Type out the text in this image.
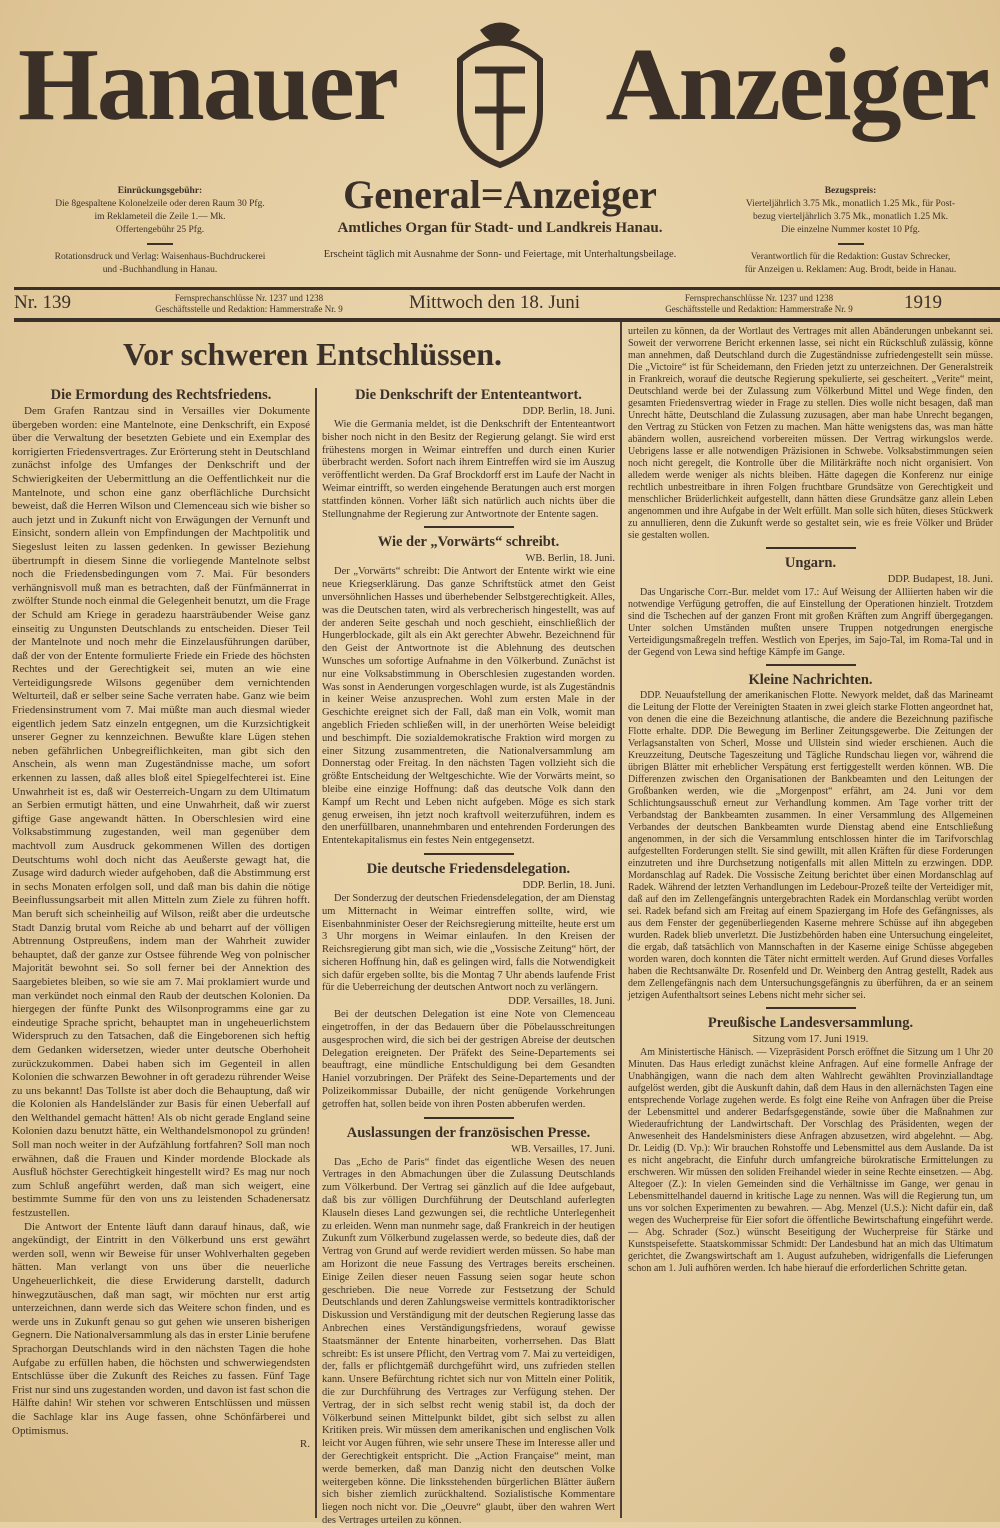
Hanauer Anzeiger
Einrückungsgebühr:
Die 8gespaltene Kolonelzeile oder deren Raum 30 Pfg.
im Reklameteil die Zeile 1.— Mk.
Offertengebühr 25 Pfg.
Rotationsdruck und Verlag: Waisenhaus-Buchdruckerei
und -Buchhandlung in Hanau.
General=Anzeiger
Amtliches Organ für Stadt- und Landkreis Hanau.
Erscheint täglich mit Ausnahme der Sonn- und Feiertage, mit Unterhaltungsbeilage.
Bezugspreis:
Vierteljährlich 3.75 Mk., monatlich 1.25 Mk., für Post-
bezug vierteljährlich 3.75 Mk., monatlich 1.25 Mk.
Die einzelne Nummer kostet 10 Pfg.
Verantwortlich für die Redaktion: Gustav Schrecker,
für Anzeigen u. Reklamen: Aug. Brodt, beide in Hanau.
Nr. 139	Fernsprechanschlüsse Nr. 1237 und 1238
Geschäftsstelle und Redaktion: Hammerstraße Nr. 9	Mittwoch den 18. Juni	Fernsprechanschlüsse Nr. 1237 und 1238
Geschäftsstelle und Redaktion: Hammerstraße Nr. 9	1919
Vor schweren Entschlüssen.
Die Ermordung des Rechtsfriedens.

Dem Grafen Rantzau sind in Versailles vier Dokumente übergeben worden: eine Mantelnote, eine Denkschrift, ein Exposé über die Verwaltung der besetzten Gebiete und ein Exemplar des korrigierten Friedensvertrages. Zur Erörterung steht in Deutschland zunächst infolge des Umfanges der Denkschrift und der Schwierigkeiten der Uebermittlung an die Oeffentlichkeit nur die Mantelnote, und schon eine ganz oberflächliche Durchsicht beweist, daß die Herren Wilson und Clemenceau sich wie bisher so auch jetzt und in Zukunft nicht von Erwägungen der Vernunft und Einsicht, sondern allein von Empfindungen der Machtpolitik und Siegeslust leiten zu lassen gedenken. In gewisser Beziehung übertrumpft in diesem Sinne die vorliegende Mantelnote selbst noch die Friedensbedingungen vom 7. Mai. Für besonders verhängnisvoll muß man es betrachten, daß der Fünfmännerrat in zwölfter Stunde noch einmal die Gelegenheit benutzt, um die Frage der Schuld am Kriege in geradezu haarsträubender Weise ganz einseitig zu Ungunsten Deutschlands zu entscheiden. Dieser Teil der Mantelnote und noch mehr die Einzelausführungen darüber, daß der von der Entente formulierte Friede ein Friede des höchsten Rechtes und der Gerechtigkeit sei, muten an wie eine Verteidigungsrede Wilsons gegenüber dem vernichtenden Welturteil, daß er selber seine Sache verraten habe. Ganz wie beim Friedensinstrument vom 7. Mai müßte man auch diesmal wieder eigentlich jedem Satz einzeln entgegnen, um die Kurzsichtigkeit unserer Gegner zu kennzeichnen. Bewußte klare Lügen stehen neben gefährlichen Unbegreiflichkeiten, man gibt sich den Anschein, als wenn man Zugeständnisse mache, um sofort erkennen zu lassen, daß alles bloß eitel Spiegelfechterei ist. Eine Unwahrheit ist es, daß wir Oesterreich-Ungarn zu dem Ultimatum an Serbien ermutigt hätten, und eine Unwahrheit, daß wir zuerst giftige Gase angewandt hätten. In Oberschlesien wird eine Volksabstimmung zugestanden, weil man gegenüber dem machtvoll zum Ausdruck gekommenen Willen des dortigen Deutschtums wohl doch nicht das Aeußerste gewagt hat, die Zusage wird dadurch wieder aufgehoben, daß die Abstimmung erst in sechs Monaten erfolgen soll, und daß man bis dahin die nötige Beeinflussungsarbeit mit allen Mitteln zum Ziele zu führen hofft. Man beruft sich scheinheilig auf Wilson, reißt aber die urdeutsche Stadt Danzig brutal vom Reiche ab und beharrt auf der völligen Abtrennung Ostpreußens, indem man der Wahrheit zuwider behauptet, daß der ganze zur Ostsee führende Weg von polnischer Majorität bewohnt sei. So soll ferner bei der Annektion des Saargebietes bleiben, so wie sie am 7. Mai proklamiert wurde und man verkündet noch einmal den Raub der deutschen Kolonien. Da hiergegen der fünfte Punkt des Wilsonprogramms eine gar zu eindeutige Sprache spricht, behauptet man in ungeheuerlichstem Widerspruch zu den Tatsachen, daß die Eingeborenen sich heftig dem Gedanken widersetzen, wieder unter deutsche Oberhoheit zurückzukommen. Dabei haben sich im Gegenteil in allen Kolonien die schwarzen Bewohner in oft geradezu rührender Weise zu uns bekannt! Das Tollste ist aber doch die Behauptung, daß wir die Kolonien als Handelsländer zur Basis für einen Ueberfall auf den Welthandel gemacht hätten! Als ob nicht gerade England seine Kolonien dazu benutzt hätte, ein Welthandelsmonopol zu gründen! Soll man noch weiter in der Aufzählung fortfahren? Soll man noch erwähnen, daß die Frauen und Kinder mordende Blockade als Ausfluß höchster Gerechtigkeit hingestellt wird? Es mag nur noch zum Schluß angeführt werden, daß man sich weigert, eine bestimmte Summe für den von uns zu leistenden Schadenersatz festzustellen.

Die Antwort der Entente läuft dann darauf hinaus, daß, wie angekündigt, der Eintritt in den Völkerbund uns erst gewährt werden soll, wenn wir Beweise für unser Wohlverhalten gegeben hätten. Man verlangt von uns über die neuerliche Ungeheuerlichkeit, die diese Erwiderung darstellt, dadurch hinwegzutäuschen, daß man sagt, wir möchten nur erst artig unterzeichnen, dann werde sich das Weitere schon finden, und es werde uns in Zukunft genau so gut gehen wie unseren bisherigen Gegnern. Die Nationalversammlung als das in erster Linie berufene Sprachorgan Deutschlands wird in den nächsten Tagen die hohe Aufgabe zu erfüllen haben, die höchsten und schwerwiegendsten Entschlüsse über die Zukunft des Reiches zu fassen. Fünf Tage Frist nur sind uns zugestanden worden, und davon ist fast schon die Hälfte dahin! Wir stehen vor schweren Entschlüssen und müssen die Sachlage klar ins Auge fassen, ohne Schönfärberei und Optimismus.

R.
Die Denkschrift der Ententeantwort.
DDP. Berlin, 18. Juni.

Wie die Germania meldet, ist die Denkschrift der Ententeantwort bisher noch nicht in den Besitz der Regierung gelangt. Sie wird erst frühestens morgen in Weimar eintreffen und durch einen Kurier überbracht werden. Sofort nach ihrem Eintreffen wird sie im Auszug veröffentlicht werden. Da Graf Brockdorff erst im Laufe der Nacht in Weimar eintrifft, so werden eingehende Beratungen auch erst morgen stattfinden können. Vorher läßt sich natürlich auch nichts über die Stellungnahme der Regierung zur Antwortnote der Entente sagen.

Wie der „Vorwärts“ schreibt.
WB. Berlin, 18. Juni.

Der „Vorwärts“ schreibt: Die Antwort der Entente wirkt wie eine neue Kriegserklärung. Das ganze Schriftstück atmet den Geist unversöhnlichen Hasses und überhebender Selbstgerechtigkeit. Alles, was die Deutschen taten, wird als verbrecherisch hingestellt, was auf der anderen Seite geschah und noch geschieht, einschließlich der Hungerblockade, gilt als ein Akt gerechter Abwehr. Bezeichnend für den Geist der Antwortnote ist die Ablehnung des deutschen Wunsches um sofortige Aufnahme in den Völkerbund. Zunächst ist nur eine Volksabstimmung in Oberschlesien zugestanden worden. Was sonst in Aenderungen vorgeschlagen wurde, ist als Zugeständnis in keiner Weise anzusprechen. Wohl zum ersten Male in der Geschichte ereignet sich der Fall, daß man ein Volk, womit man angeblich Frieden schließen will, in der unerhörten Weise beleidigt und beschimpft. Die sozialdemokratische Fraktion wird morgen zu einer Sitzung zusammentreten, die Nationalversammlung am Donnerstag oder Freitag. In den nächsten Tagen vollzieht sich die größte Entscheidung der Weltgeschichte. Wie der Vorwärts meint, so bleibe eine einzige Hoffnung: daß das deutsche Volk dann den Kampf um Recht und Leben nicht aufgeben. Möge es sich stark genug erweisen, ihn jetzt noch kraftvoll weiterzuführen, indem es den unerfüllbaren, unannehmbaren und entehrenden Forderungen des Ententekapitalismus ein festes Nein entgegensetzt.

Die deutsche Friedensdelegation.
DDP. Berlin, 18. Juni.

Der Sonderzug der deutschen Friedensdelegation, der am Dienstag um Mitternacht in Weimar eintreffen sollte, wird, wie Eisenbahnminister Oeser der Reichsregierung mitteilte, heute erst um 3 Uhr morgens in Weimar einlaufen. In den Kreisen der Reichsregierung gibt man sich, wie die „Vossische Zeitung“ hört, der sicheren Hoffnung hin, daß es gelingen wird, falls die Notwendigkeit sich dafür ergeben sollte, bis die Montag 7 Uhr abends laufende Frist für die Ueberreichung der deutschen Antwort noch zu verlängern.

DDP. Versailles, 18. Juni.

Bei der deutschen Delegation ist eine Note von Clemenceau eingetroffen, in der das Bedauern über die Pöbelausschreitungen ausgesprochen wird, die sich bei der gestrigen Abreise der deutschen Delegation ereigneten. Der Präfekt des Seine-Departements sei beauftragt, eine mündliche Entschuldigung bei dem Gesandten Haniel vorzubringen. Der Präfekt des Seine-Departements und der Polizeikommissar Dubaille, der nicht genügende Vorkehrungen getroffen hat, sollen beide von ihren Posten abberufen werden.

Auslassungen der französischen Presse.
WB. Versailles, 17. Juni.

Das „Echo de Paris“ findet das eigentliche Wesen des neuen Vertrages in den Abmachungen über die Zulassung Deutschlands zum Völkerbund. Der Vertrag sei gänzlich auf die Idee aufgebaut, daß bis zur völligen Durchführung der Deutschland auferlegten Klauseln dieses Land gezwungen sei, die rechtliche Unterlegenheit zu erleiden. Wenn man nunmehr sage, daß Frankreich in der heutigen Zukunft zum Völkerbund zugelassen werde, so bedeute dies, daß der Vertrag von Grund auf werde revidiert werden müssen. So habe man am Horizont die neue Fassung des Vertrages bereits erscheinen. Einige Zeilen dieser neuen Fassung seien sogar heute schon geschrieben. Die neue Vorrede zur Festsetzung der Schuld Deutschlands und deren Zahlungsweise vermittels kontradiktorischer Diskussion und Verständigung mit der deutschen Regierung lasse das Anbrechen eines Verständigungsfriedens, worauf gewisse Staatsmänner der Entente hinarbeiten, vorherrsehen. Das Blatt schreibt: Es ist unsere Pflicht, den Vertrag vom 7. Mai zu verteidigen, der, falls er pflichtgemäß durchgeführt wird, uns zufrieden stellen kann. Unsere Befürchtung richtet sich nur von Mitteln einer Politik, die zur Durchführung des Vertrages zur Verfügung stehen. Der Vertrag, der in sich selbst recht wenig stabil ist, da doch der Völkerbund seinen Mittelpunkt bildet, gibt sich selbst zu allen Kritiken preis. Wir müssen dem amerikanischen und englischen Volk leicht vor Augen führen, wie sehr unsere These im Interesse aller und der Gerechtigkeit entspricht. Die „Action Française“ meint, man werde bemerken, daß man Danzig nicht den deutschen Volke weitergeben könne. Die linksstehenden bürgerlichen Blätter äußern sich bisher ziemlich zurückhaltend. Sozialistische Kommentare liegen noch nicht vor. Die „Oeuvre“ glaubt, über den wahren Wert des Vertrages urteilen zu können.

urteilen zu können, da der Wortlaut des Vertrages mit allen Abänderungen unbekannt sei. Soweit der verworrene Bericht erkennen lasse, sei nicht ein Rückschluß zulässig, könne man annehmen, daß Deutschland durch die Zugeständnisse zufriedengestellt sein müsse. Die „Victoire“ ist für Scheidemann, den Frieden jetzt zu unterzeichnen. Der Generalstreik in Frankreich, worauf die deutsche Regierung spekulierte, sei gescheitert. „Verite“ meint, Deutschland werde bei der Zulassung zum Völkerbund Mittel und Wege finden, den gesamten Friedensvertrag wieder in Frage zu stellen. Dies wolle nicht besagen, daß man Unrecht hätte, Deutschland die Zulassung zuzusagen, aber man habe Unrecht begangen, den Vertrag zu Stücken von Fetzen zu machen. Man hätte wenigstens das, was man hätte abändern wollen, ausreichend vorbereiten müssen. Der Vertrag wirkungslos werde. Uebrigens lasse er alle notwendigen Präzisionen in Schwebe. Volksabstimmungen seien noch nicht geregelt, die Kontrolle über die Militärkräfte noch nicht organisiert. Von alledem werde weniger als nichts bleiben. Hätte dagegen die Konferenz nur einige rechtlich unbestreitbare in ihren Folgen fruchtbare Grundsätze von Gerechtigkeit und menschlicher Brüderlichkeit aufgestellt, dann hätten diese Grundsätze ganz allein Leben angenommen und ihre Aufgabe in der Welt erfüllt. Man solle sich hüten, dieses Stückwerk zu annullieren, denn die Zukunft werde so gestaltet sein, wie es freie Völker und Brüder sie gestalten wollen.

Ungarn.
DDP. Budapest, 18. Juni.

Das Ungarische Corr.-Bur. meldet vom 17.: Auf Weisung der Alliierten haben wir die notwendige Verfügung getroffen, die auf Einstellung der Operationen hinzielt. Trotzdem sind die Tschechen auf der ganzen Front mit großen Kräften zum Angriff übergegangen. Unter solchen Umständen mußten unsere Truppen notgedrungen energische Verteidigungsmaßregeln treffen. Westlich von Eperjes, im Sajo-Tal, im Roma-Tal und in der Gegend von Lewa sind heftige Kämpfe im Gange.

Kleine Nachrichten.

DDP. Neuaufstellung der amerikanischen Flotte. Newyork meldet, daß das Marineamt die Leitung der Flotte der Vereinigten Staaten in zwei gleich starke Flotten angeordnet hat, von denen die eine die Bezeichnung atlantische, die andere die Bezeichnung pazifische Flotte erhalte. DDP. Die Bewegung im Berliner Zeitungsgewerbe. Die Zeitungen der Verlagsanstalten von Scherl, Mosse und Ullstein sind wieder erschienen. Auch die Kreuzzeitung, Deutsche Tageszeitung und Tägliche Rundschau liegen vor, während die übrigen Blätter mit erheblicher Verspätung erst fertiggestellt werden können. WB. Die Differenzen zwischen den Organisationen der Bankbeamten und den Leitungen der Großbanken werden, wie die „Morgenpost“ erfährt, am 24. Juni vor dem Schlichtungsausschuß erneut zur Verhandlung kommen. Am Tage vorher tritt der Verbandstag der Bankbeamten zusammen. In einer Versammlung des Allgemeinen Verbandes der deutschen Bankbeamten wurde Dienstag abend eine Entschließung angenommen, in der sich die Versammlung entschlossen hinter die im Tarifvorschlag aufgestellten Forderungen stellt. Sie sind gewillt, mit allen Kräften für diese Forderungen einzutreten und ihre Durchsetzung notigenfalls mit allen Mitteln zu erzwingen. DDP. Mordanschlag auf Radek. Die Vossische Zeitung berichtet über einen Mordanschlag auf Radek. Während der letzten Verhandlungen im Ledebour-Prozeß teilte der Verteidiger mit, daß auf den im Zellengefängnis untergebrachten Radek ein Mordanschlag verübt worden sei. Radek befand sich am Freitag auf einem Spaziergang im Hofe des Gefängnisses, als aus dem Fenster der gegenüberliegenden Kaserne mehrere Schüsse auf ihn abgegeben wurden. Radek blieb unverletzt. Die Justizbehörden haben eine Untersuchung eingeleitet, die ergab, daß tatsächlich von Mannschaften in der Kaserne einige Schüsse abgegeben worden waren, doch konnten die Täter nicht ermittelt werden. Auf Grund dieses Vorfalles haben die Rechtsanwälte Dr. Rosenfeld und Dr. Weinberg den Antrag gestellt, Radek aus dem Zellengefängnis nach dem Untersuchungsgefängnis zu überführen, da er an seinem jetzigen Aufenthaltsort seines Lebens nicht mehr sicher sei.

Preußische Landesversammlung.
Sitzung vom 17. Juni 1919.

Am Ministertische Hänisch. — Vizepräsident Porsch eröffnet die Sitzung um 1 Uhr 20 Minuten. Das Haus erledigt zunächst kleine Anfragen. Auf eine formelle Anfrage der Unabhängigen, wann die nach dem alten Wahlrecht gewählten Provinziallandtage aufgelöst werden, gibt die Auskunft dahin, daß dem Haus in den allernächsten Tagen eine entsprechende Vorlage zugehen werde. Es folgt eine Reihe von Anfragen über die Preise der Lebensmittel und anderer Bedarfsgegenstände, sowie über die Maßnahmen zur Wiederaufrichtung der Landwirtschaft. Der Vorschlag des Präsidenten, wegen der Anwesenheit des Handelsministers diese Anfragen abzusetzen, wird abgelehnt. — Abg. Dr. Leidig (D. Vp.): Wir brauchen Rohstoffe und Lebensmittel aus dem Auslande. Da ist es nicht angebracht, die Einfuhr durch umfangreiche bürokratische Ermittelungen zu erschweren. Wir müssen den soliden Freihandel wieder in seine Rechte einsetzen. — Abg. Altegoer (Z.): In vielen Gemeinden sind die Verhältnisse im Gange, wer genau in Lebensmittelhandel dauernd in kritische Lage zu nennen. Was will die Regierung tun, um uns vor solchen Experimenten zu bewahren. — Abg. Menzel (U.S.): Nicht dafür ein, daß wegen des Wucherpreise für Eier sofort die öffentliche Bewirtschaftung eingeführt werde. — Abg. Schrader (Soz.) wünscht Beseitigung der Wucherpreise für Stärke und Kunstspeisefette. Staatskommissar Schmidt: Der Landesbund hat an mich das Ultimatum gerichtet, die Zwangswirtschaft am 1. August aufzuheben, widrigenfalls die Lieferungen schon am 1. Juli aufhören werden. Ich habe hierauf die erforderlichen Schritte getan.
